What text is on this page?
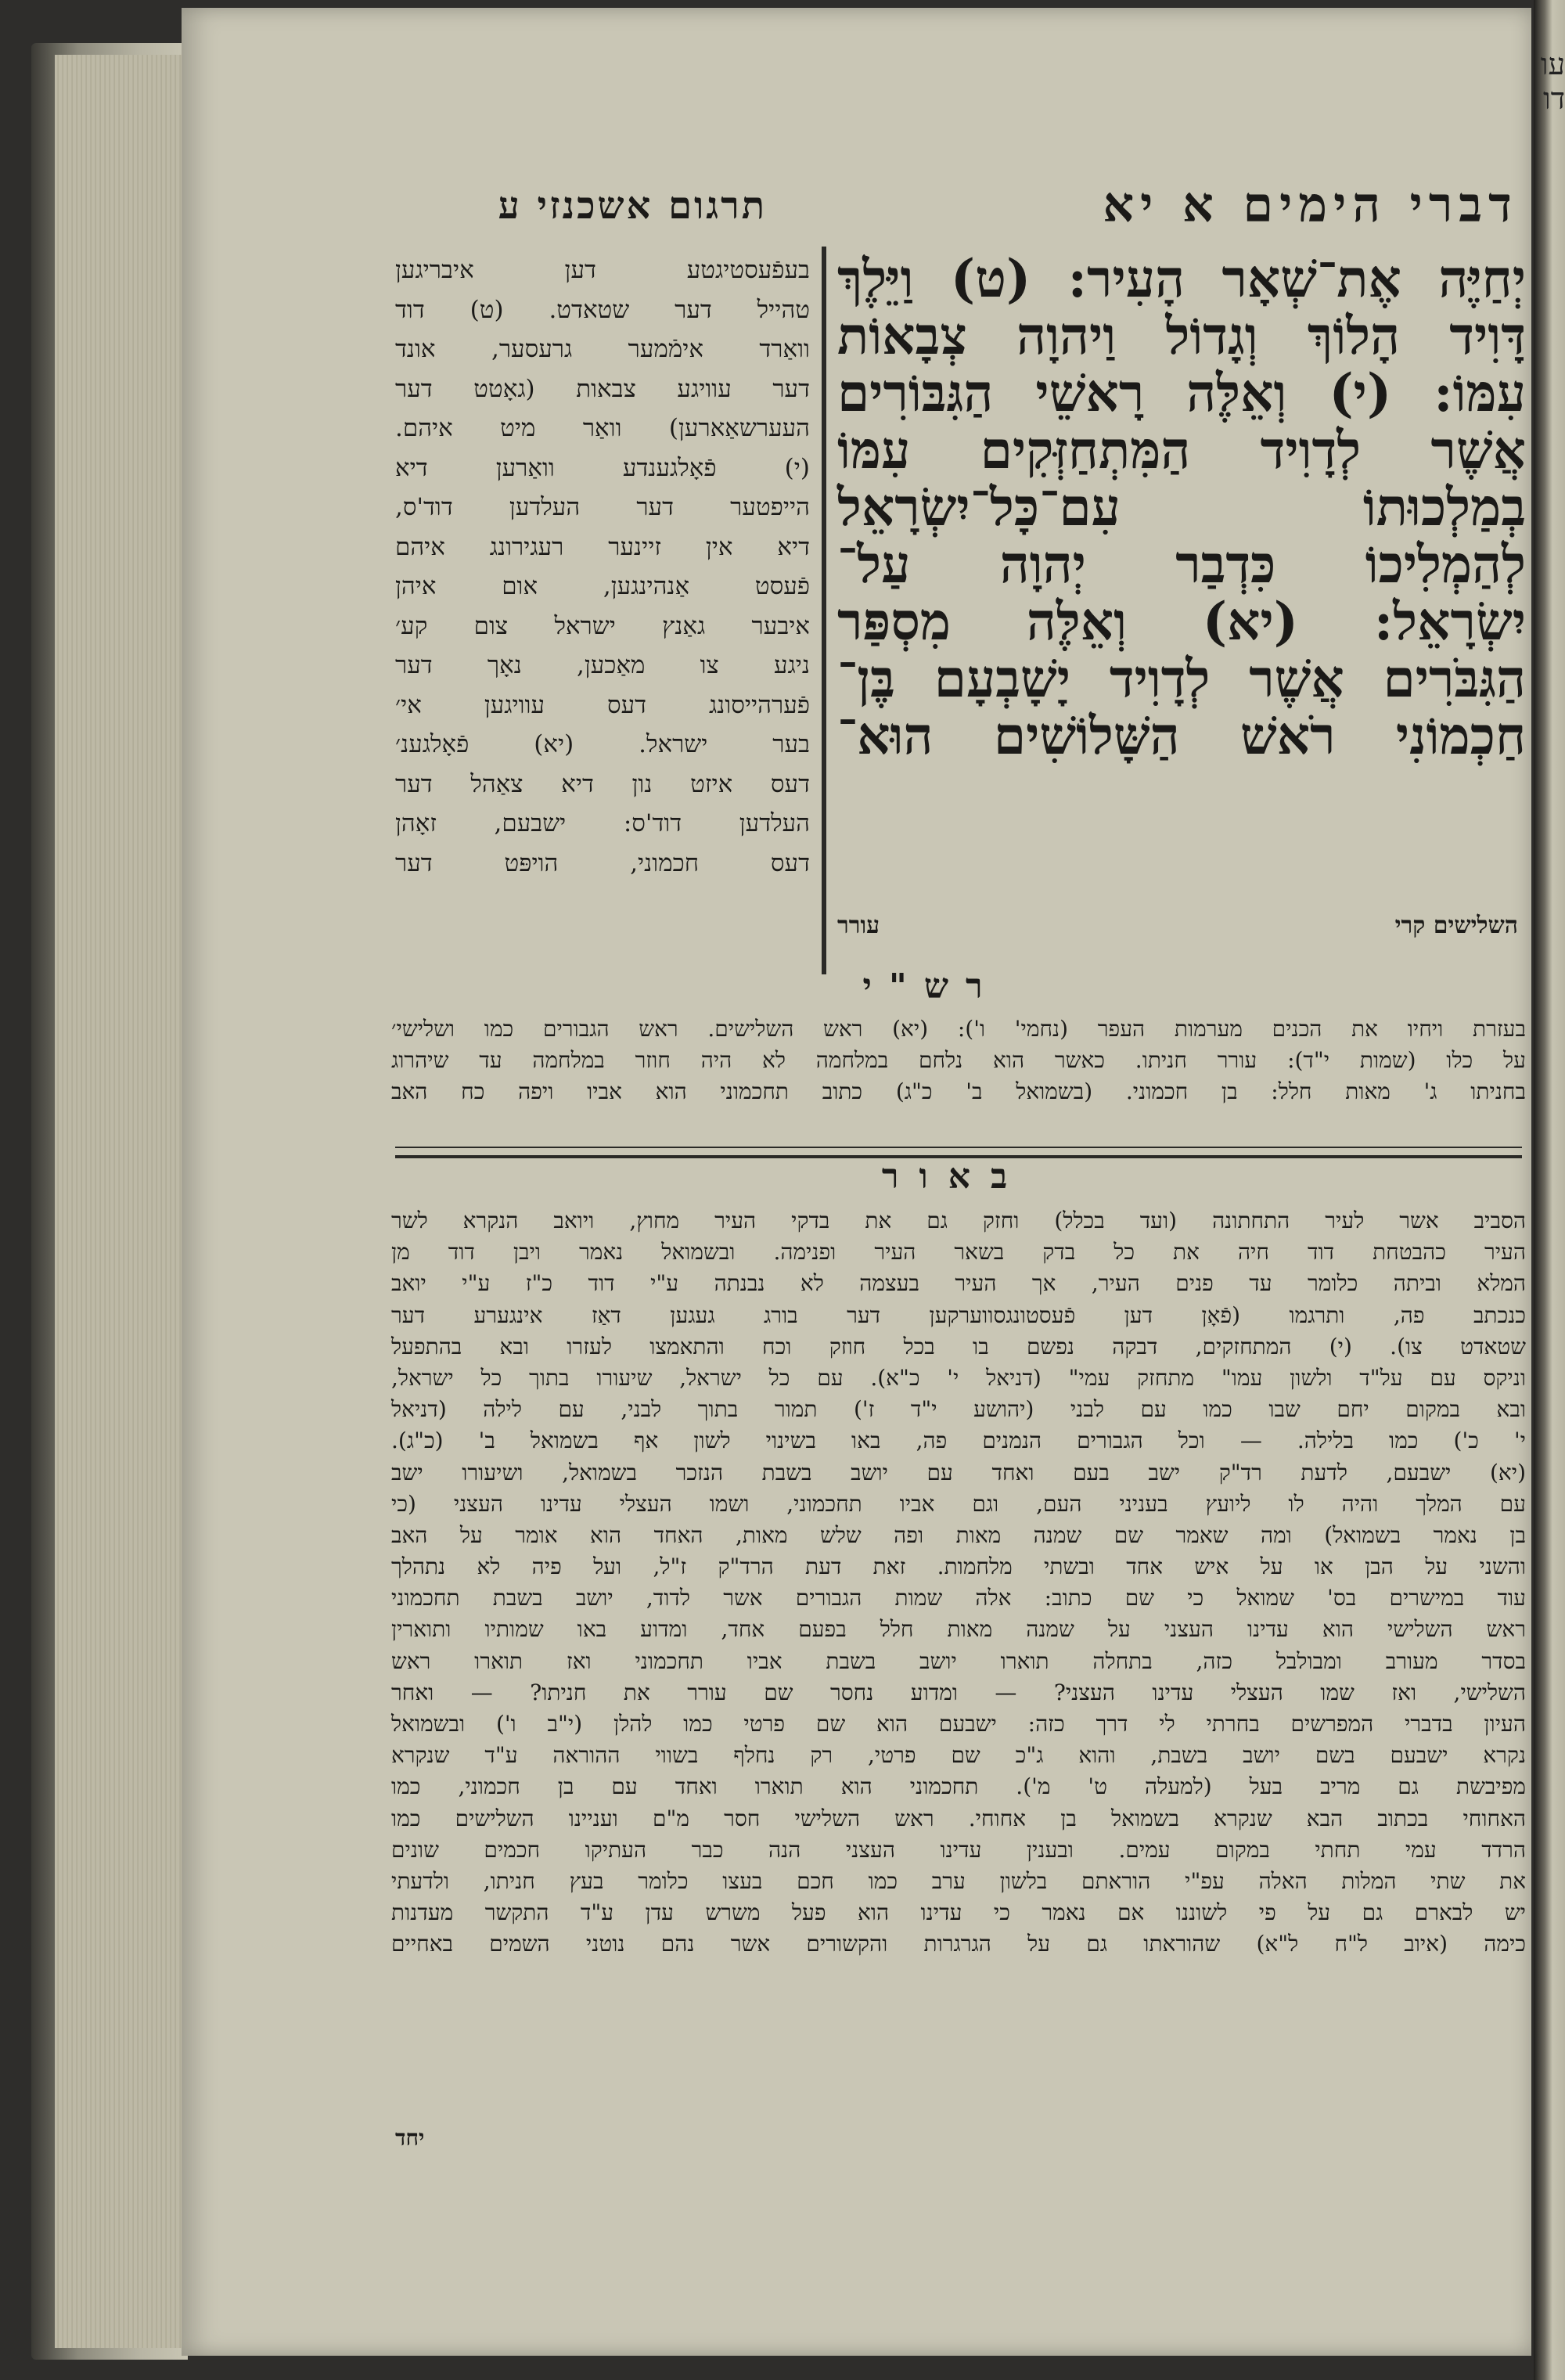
עו דו
דברי הימים א יא
תרגום אשכנזי ע
יְחַיֶּה אֶת־שְׁאָר הָעִיר: (ט) וַיֵּלֶךְ
דָּוִיד הָלוֹךְ וְגָדוֹל וַיהוָה צְבָאוֹת
עִמּוֹ: (י) וְאֵלֶּה רָאשֵׁי הַגִּבּוֹרִים
אֲשֶׁר לְדָוִיד הַמִּתְחַזְּקִים עִמּוֹ
בְמַלְכוּתוֹ עִם־כָּל־יִשְׂרָאֵל
לְהַמְלִיכוֹ כִּדְבַר יְהוָה עַל־
יִשְׂרָאֵל: (יא) וְאֵלֶּה מִסְפַּר
הַגִּבֹּרִים אֲשֶׁר לְדָוִיד יָשָׁבְעָם בֶּן־
חַכְמוֹנִי רֹאשׁ הַשָּׁלוֹשִׁים הוּא־
השלישים קרי
עורר
בעפֿעסטיגטע דען איבריגען
טהייל דער שטאדט. (ט) דוד
וואַרד אימֿמער גרעסער, אונד
דער עוויגע צבאות (גאָטט דער
העערשאַארען) וואַר מיט איהם.
(י) פֿאָלגענדע וואַרען דיא
הייפטער דער העלדען דוד'ס,
דיא אין זיינער רעגירונג איהם
פֿעסט אַנהינגען, אום איהן
איבער גאַנץ ישראל צום קע׳
ניגע צו מאַכען, נאָך דער
פֿערהייסונג דעס עוויגען אי׳
בער ישראל. (יא) פֿאָלגענ׳
דעס איזט נון דיא צאַהל דער
העלדען דוד'ס: ישבעם, זאָהן
דעס חכמוני, הויפּט דער
רש"י
בעזרת ויחיו את הכנים מערמות העפר (נחמי' ו'): (יא) ראש השלישים. ראש הגבורים כמו ושלישי׳
על כלו (שמות י"ד): עורר חניתו. כאשר הוא נלחם במלחמה לא היה חוזר במלחמה עד שיהרוג
בחניתו ג' מאות חלל: בן חכמוני. (בשמואל ב' כ"ג) כתוב תחכמוני הוא אביו ויפה כח האב
באור
הסביב אשר לעיר התחתונה (ועד בכלל) וחזק גם את בדקי העיר מחוץ, ויואב הנקרא לשר
העיר כהבטחת דוד חיה את כל בדק בשאר העיר ופנימה. ובשמואל נאמר ויבן דוד מן
המלא וביתה כלומר עד פנים העיר, אך העיר בעצמה לא נבנתה ע"י דוד כ"ז ע"י יואב
כנכתב פה, ותרגמו (פֿאָן דען פֿעסטונגסווערקען דער בורג געגען דאַז אינגערע דער
שטאדט צו). (י) המתחזקים, דבקה נפשם בו בכל חוזק וכח והתאמצו לעזרו ובא בהתפעל
וניקס עם על"ד ולשון עמו" מתחזק עמי" (דניאל י' כ"א). עם כל ישראל, שיעורו בתוך כל ישראל,
ובא במקום יחם שבו כמו עם לבני (יהושע י"ד ז') תמור בתוך לבני, עם לילה (דניאל
י' כ') כמו בלילה. — וכל הגבורים הנמנים פה, באו בשינוי לשון אף בשמואל ב' (כ"ג).
(יא) ישבעם, לדעת רד"ק ישב בעם ואחד עם יושב בשבת הנזכר בשמואל, ושיעורו ישב
עם המלך והיה לו ליועץ בעניני העם, וגם אביו תחכמוני, ושמו העצלי עדינו העצני (כי
בן נאמר בשמואל) ומה שאמר שם שמנה מאות ופה שלש מאות, האחד הוא אומר על האב
והשני על הבן או על איש אחד ובשתי מלחמות. זאת דעת הרד"ק ז"ל, ועל פיה לא נתהלך
עוד במישרים בס' שמואל כי שם כתוב: אלה שמות הגבורים אשר לדוד, יושב בשבת תחכמוני
ראש השלישי הוא עדינו העצני על שמנה מאות חלל בפעם אחד, ומדוע באו שמותיו ותוארין
בסדר מעורב ומבולבל כזה, בתחלה תוארו יושב בשבת אביו תחכמוני ואז תוארו ראש
השלישי, ואז שמו העצלי עדינו העצני? — ומדוע נחסר שם עורר את חניתו? — ואחר
העיון בדברי המפרשים בחרתי לי דרך כזה: ישבעם הוא שם פרטי כמו להלן (י"ב ו') ובשמואל
נקרא ישבעם בשם יושב בשבת, והוא ג"כ שם פרטי, רק נחלף בשווי ההוראה ע"ד שנקרא
מפיבשת גם מריב בעל (למעלה ט' מ'). תחכמוני הוא תוארו ואחד עם בן חכמוני, כמו
האחוחי בכתוב הבא שנקרא בשמואל בן אחוחי. ראש השלישי חסר מ"ם ועניינו השלישים כמו
הרדד עמי תחתי במקום עמים. ובענין עדינו העצני הנה כבר העתיקו חכמים שונים
את שתי המלות האלה עפ"י הוראתם בלשון ערב כמו חכם בעצו כלומר בעץ חניתו, ולדעתי
יש לבארם גם על פי לשוננו אם נאמר כי עדינו הוא פעל משרש עדן ע"ד התקשר מעדנות
כימה (איוב ל"ח ל"א) שהוראתו גם על הגרגרות והקשורים אשר נהם נוטני השמים באחיים
יחד
